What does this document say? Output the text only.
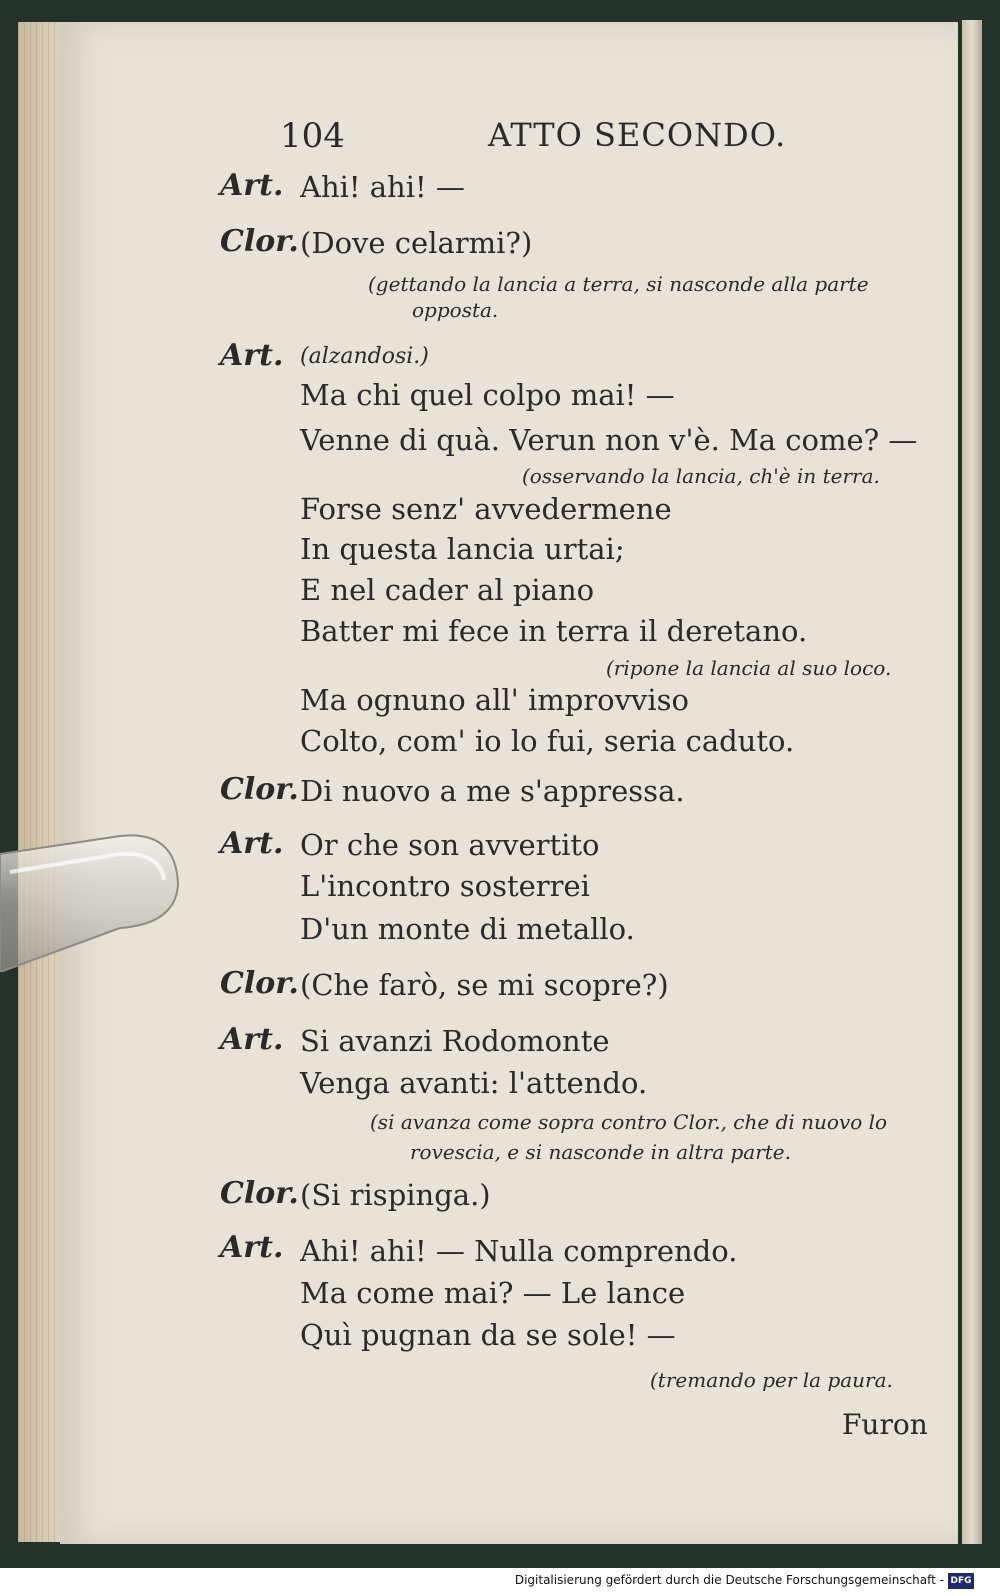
104	ATTO SECONDO.
Art. Ahi! ahi! —
Clor. (Dove celarmi?)
(gettando la lancia a terra, si nasconde alla parte
opposta.
Art. (alzandosi.)
Ma chi quel colpo mai! —
Venne di quà. Verun non v'è. Ma come? —
(osservando la lancia, ch'è in terra.
Forse senz' avvedermene
In questa lancia urtai;
E nel cader al piano
Batter mi fece in terra il deretano.
(ripone la lancia al suo loco.
Ma ognuno all' improvviso
Colto, com' io lo fui, seria caduto.
Clor. Di nuovo a me s'appressa.
Art. Or che son avvertito
L'incontro sosterrei
D'un monte di metallo.
Clor. (Che farò, se mi scopre?)
Art. Si avanzi Rodomonte
Venga avanti: l'attendo.
(si avanza come sopra contro Clor., che di nuovo lo
rovescia, e si nasconde in altra parte.
Clor. (Si rispinga.)
Art. Ahi! ahi! — Nulla comprendo.
Ma come mai? — Le lance
Quì pugnan da se sole! —
(tremando per la paura.
Furon
Digitalisierung gefördert durch die Deutsche Forschungsgemeinschaft - DFG
